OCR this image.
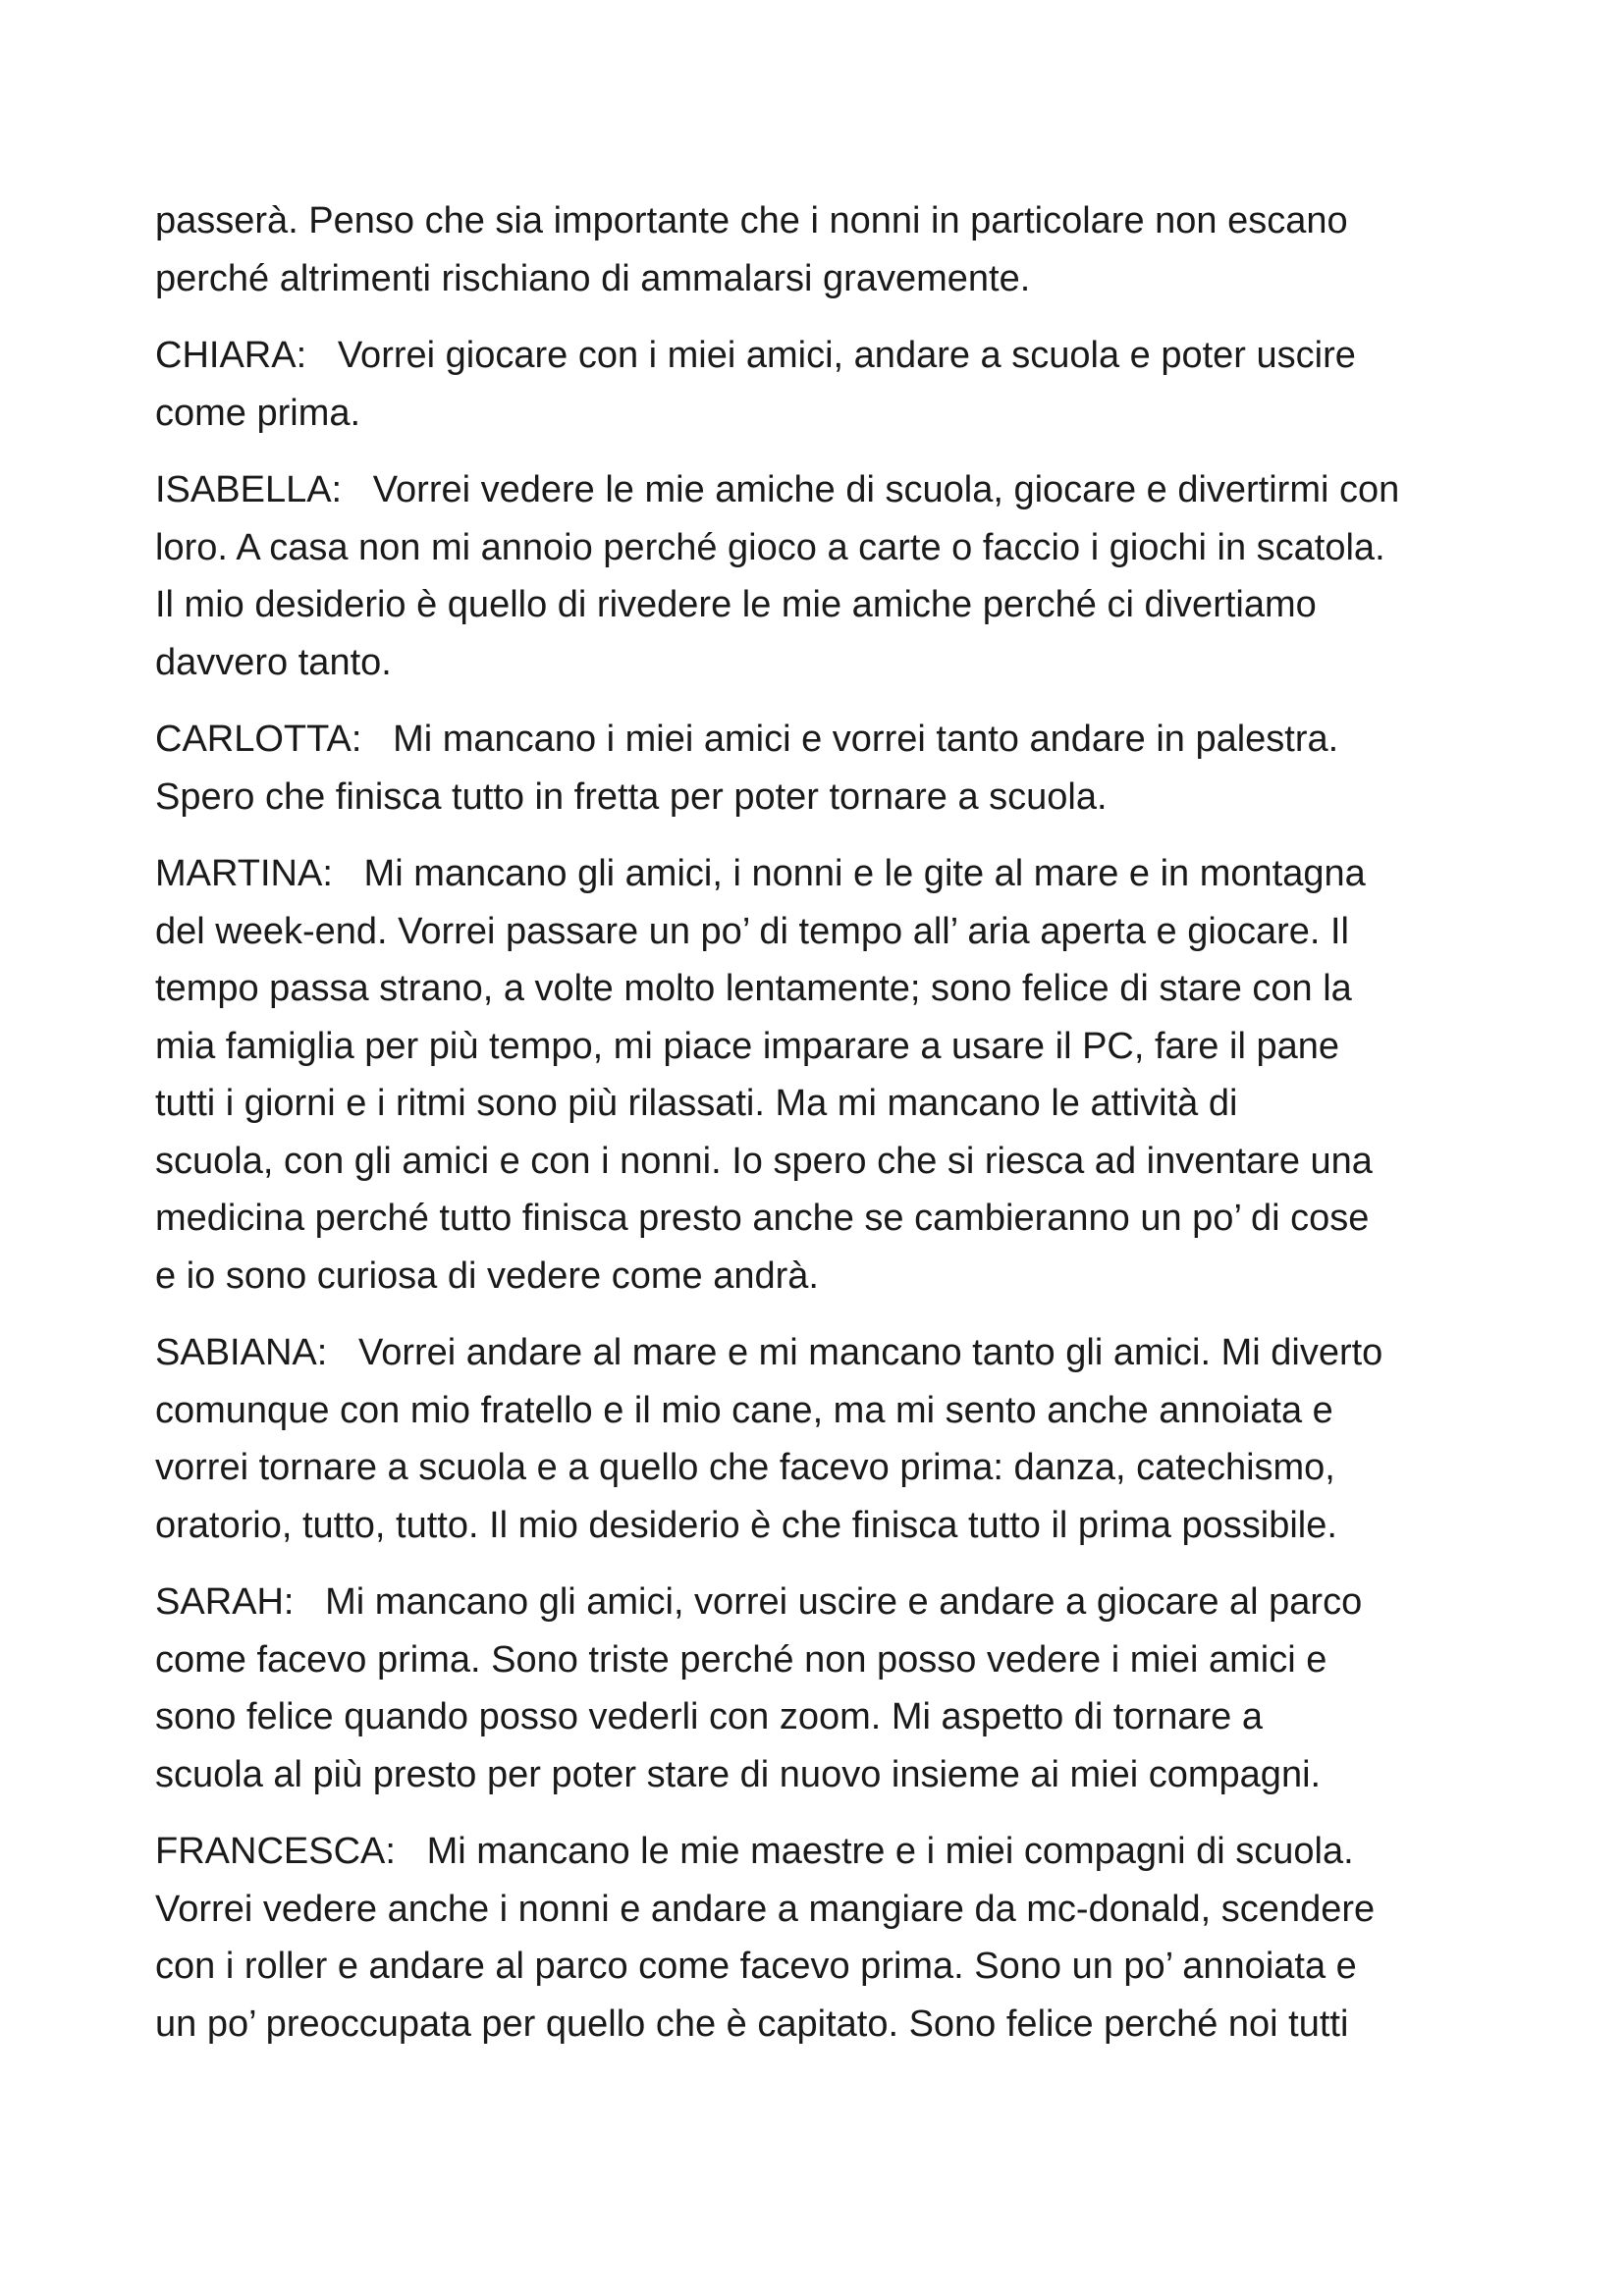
passerà. Penso che sia importante che i nonni in particolare non escano
perché altrimenti rischiano di ammalarsi gravemente.
CHIARA:   Vorrei giocare con i miei amici, andare a scuola e poter uscire
come prima.
ISABELLA:   Vorrei vedere le mie amiche di scuola, giocare e divertirmi con
loro. A casa non mi annoio perché gioco a carte o faccio i giochi in scatola.
Il mio desiderio è quello di rivedere le mie amiche perché ci divertiamo
davvero tanto.
CARLOTTA:   Mi mancano i miei amici e vorrei tanto andare in palestra.
Spero che finisca tutto in fretta per poter tornare a scuola.
MARTINA:   Mi mancano gli amici, i nonni e le gite al mare e in montagna
del week-end. Vorrei passare un po’ di tempo all’ aria aperta e giocare. Il
tempo passa strano, a volte molto lentamente; sono felice di stare con la
mia famiglia per più tempo, mi piace imparare a usare il PC, fare il pane
tutti i giorni e i ritmi sono più rilassati. Ma mi mancano le attività di
scuola, con gli amici e con i nonni. Io spero che si riesca ad inventare una
medicina perché tutto finisca presto anche se cambieranno un po’ di cose
e io sono curiosa di vedere come andrà.
SABIANA:   Vorrei andare al mare e mi mancano tanto gli amici. Mi diverto
comunque con mio fratello e il mio cane, ma mi sento anche annoiata e
vorrei tornare a scuola e a quello che facevo prima: danza, catechismo,
oratorio, tutto, tutto. Il mio desiderio è che finisca tutto il prima possibile.
SARAH:   Mi mancano gli amici, vorrei uscire e andare a giocare al parco
come facevo prima. Sono triste perché non posso vedere i miei amici e
sono felice quando posso vederli con zoom. Mi aspetto di tornare a
scuola al più presto per poter stare di nuovo insieme ai miei compagni.
FRANCESCA:   Mi mancano le mie maestre e i miei compagni di scuola.
Vorrei vedere anche i nonni e andare a mangiare da mc-donald, scendere
con i roller e andare al parco come facevo prima. Sono un po’ annoiata e
un po’ preoccupata per quello che è capitato. Sono felice perché noi tutti
